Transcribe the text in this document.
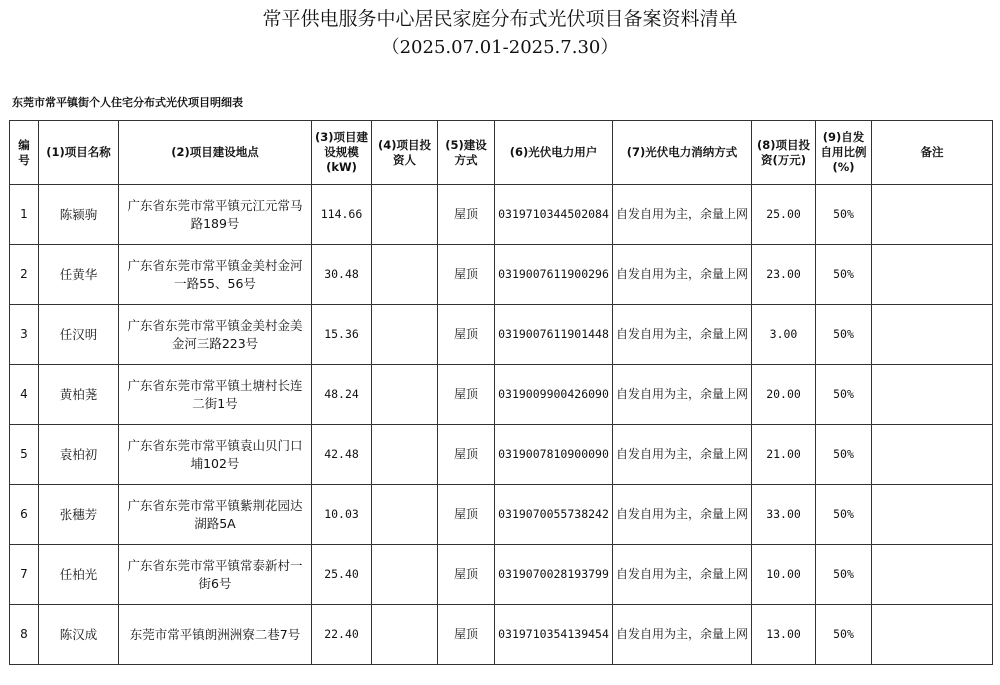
常平供电服务中心居民家庭分布式光伏项目备案资料清单
（2025.07.01-2025.7.30）
东莞市常平镇街个人住宅分布式光伏项目明细表
编号	(1)项目名称	(2)项目建设地点	(3)项目建设规模(kW)	(4)项目投资人	(5)建设方式	(6)光伏电力用户	(7)光伏电力消纳方式	(8)项目投资(万元)	(9)自发自用比例(%)	备注
1	陈颍驹	广东省东莞市常平镇元江元常马路189号	114.66		屋顶	0319710344502084	自发自用为主，余量上网	25.00	50%	
2	任黄华	广东省东莞市常平镇金美村金河一路55、56号	30.48		屋顶	0319007611900296	自发自用为主，余量上网	23.00	50%	
3	任汉明	广东省东莞市常平镇金美村金美金河三路223号	15.36		屋顶	0319007611901448	自发自用为主，余量上网	3.00	50%	
4	黄柏荛	广东省东莞市常平镇土塘村长连二街1号	48.24		屋顶	0319009900426090	自发自用为主，余量上网	20.00	50%	
5	袁柏初	广东省东莞市常平镇袁山贝门口埔102号	42.48		屋顶	0319007810900090	自发自用为主，余量上网	21.00	50%	
6	张穗芳	广东省东莞市常平镇紫荆花园达湖路5A	10.03		屋顶	0319070055738242	自发自用为主，余量上网	33.00	50%	
7	任柏光	广东省东莞市常平镇常泰新村一街6号	25.40		屋顶	0319070028193799	自发自用为主，余量上网	10.00	50%	
8	陈汉成	东莞市常平镇朗洲洲寮二巷7号	22.40		屋顶	0319710354139454	自发自用为主，余量上网	13.00	50%	
